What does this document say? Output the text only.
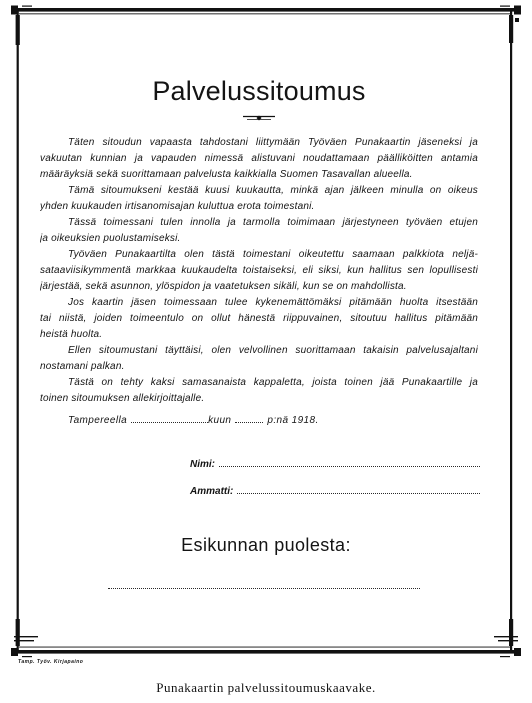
Palvelussitoumus
Täten sitoudun vapaasta tahdostani liittymään Työväen Punakaartin jäseneksi ja
vakuutan kunnian ja vapauden nimessä alistuvani noudattamaan päälliköitten antamia
määräyksiä sekä suorittamaan palvelusta kaikkialla Suomen Tasavallan alueella.
Tämä sitoumukseni kestää kuusi kuukautta, minkä ajan jälkeen minulla on oikeus
yhden kuukauden irtisanomisajan kuluttua erota toimestani.
Tässä toimessani tulen innolla ja tarmolla toimimaan järjestyneen työväen etujen
ja oikeuksien puolustamiseksi.
Työväen Punakaartilta olen tästä toimestani oikeutettu saamaan palkkiota neljä-
sataaviisikymmentä markkaa kuukaudelta toistaiseksi, eli siksi, kun hallitus sen lopullisesti
järjestää, sekä asunnon, ylöspidon ja vaatetuksen sikäli, kun se on mahdollista.
Jos kaartin jäsen toimessaan tulee kykenemättömäksi pitämään huolta itsestään
tai niistä, joiden toimeentulo on ollut hänestä riippuvainen, sitoutuu hallitus pitämään
heistä huolta.
Ellen sitoumustani täyttäisi, olen velvollinen suorittamaan takaisin palvelusajaltani
nostamani palkan.
Tästä on tehty kaksi samasanaista kappaletta, joista toinen jää Punakaartille ja
toinen sitoumuksen allekirjoittajalle.
Tampereella	kuun	p:nä 1918.
Nimi:
Ammatti:
Esikunnan puolesta:
Tamp. Työv. Kirjapaino
Punakaartin palvelussitoumuskaavake.
